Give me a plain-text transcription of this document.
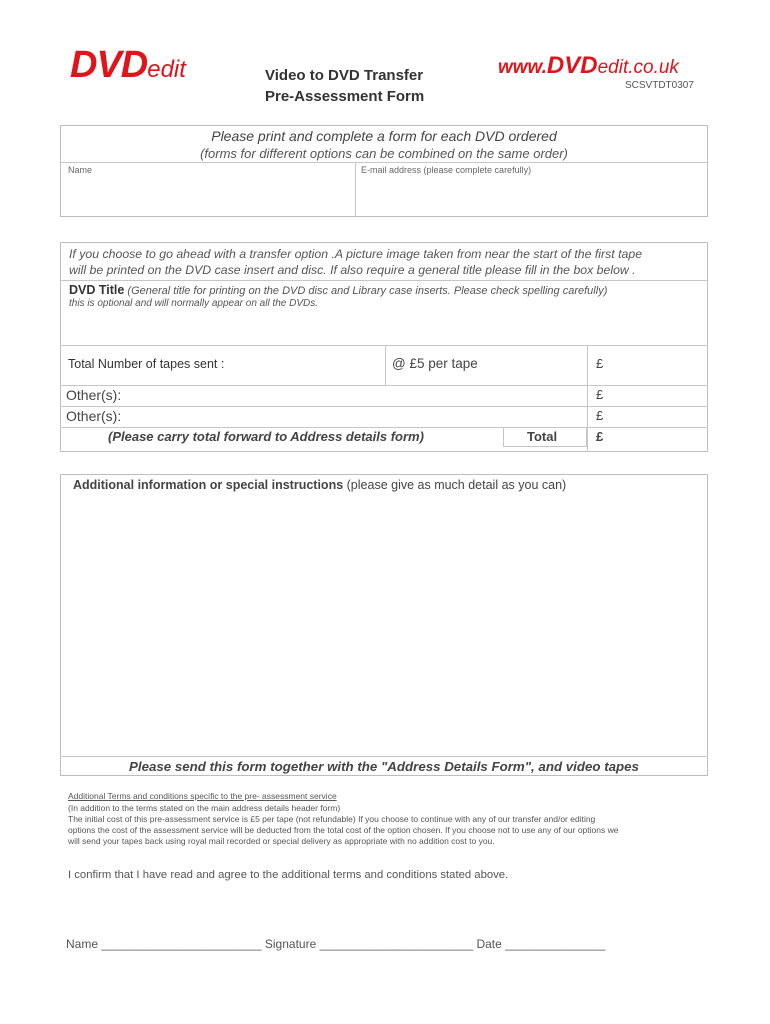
DVDedit	Video to DVD Transfer
Pre-Assessment Form
www.DVDedit.co.uk
SCSVTDT0307
Please print and complete a form for each DVD ordered
(forms for different options can be combined on the same order)
Name	E-mail address (please complete carefully)
If you choose to go ahead with a transfer option .A picture image taken from near the start of the first tape
will be printed on the DVD case insert and disc. If also require a general title please fill in the box below .
DVD Title (General title for printing on the DVD disc and Library case inserts. Please check spelling carefully)
this is optional and will normally appear on all the DVDs.
Total Number of tapes sent :	@ £5 per tape	£
Other(s):	£
Other(s):	£
(Please carry total forward to Address details form)	Total	£
Additional information or special instructions (please give as much detail as you can)
Please send this form together with the "Address Details Form", and video tapes
Additional Terms and conditions specific to the pre- assessment service
(In addition to the terms stated on the main address details header form)
The initial cost of this pre-assessment service is £5 per tape (not refundable) If you choose to continue with any of our transfer and/or editing
options the cost of the assessment service will be deducted from the total cost of the option chosen. If you choose not to use any of our options we
will send your tapes back using royal mail recorded or special delivery as appropriate with no addition cost to you.
I confirm that I have read and agree to the additional terms and conditions stated above.
Name ________________________ Signature _______________________ Date _______________
